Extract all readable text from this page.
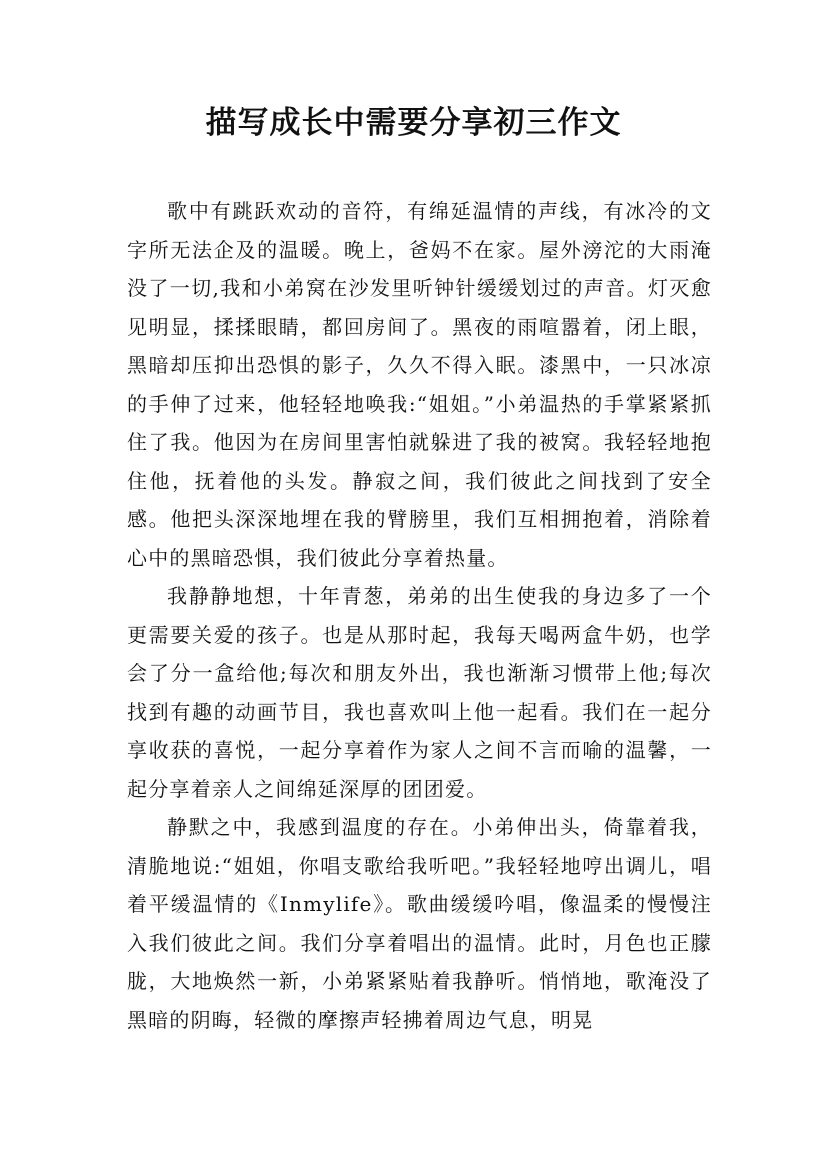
描写成长中需要分享初三作文

歌中有跳跃欢动的音符，有绵延温情的声线，有冰冷的文字所无法企及的温暖。晚上，爸妈不在家。屋外滂沱的大雨淹没了一切,我和小弟窝在沙发里听钟针缓缓划过的声音。灯灭愈见明显，揉揉眼睛，都回房间了。黑夜的雨喧嚣着，闭上眼，黑暗却压抑出恐惧的影子，久久不得入眠。漆黑中，一只冰凉的手伸了过来，他轻轻地唤我:“姐姐。”小弟温热的手掌紧紧抓住了我。他因为在房间里害怕就躲进了我的被窝。我轻轻地抱住他，抚着他的头发。静寂之间，我们彼此之间找到了安全感。他把头深深地埋在我的臂膀里，我们互相拥抱着，消除着心中的黑暗恐惧，我们彼此分享着热量。

我静静地想，十年青葱，弟弟的出生使我的身边多了一个更需要关爱的孩子。也是从那时起，我每天喝两盒牛奶，也学会了分一盒给他;每次和朋友外出，我也渐渐习惯带上他;每次找到有趣的动画节目，我也喜欢叫上他一起看。我们在一起分享收获的喜悦，一起分享着作为家人之间不言而喻的温馨，一起分享着亲人之间绵延深厚的团团爱。

静默之中，我感到温度的存在。小弟伸出头，倚靠着我，清脆地说:“姐姐，你唱支歌给我听吧。”我轻轻地哼出调儿，唱着平缓温情的《Inmylife》。歌曲缓缓吟唱，像温柔的慢慢注入我们彼此之间。我们分享着唱出的温情。此时，月色也正朦胧，大地焕然一新，小弟紧紧贴着我静听。悄悄地，歌淹没了黑暗的阴晦，轻微的摩擦声轻拂着周边气息，明晃
